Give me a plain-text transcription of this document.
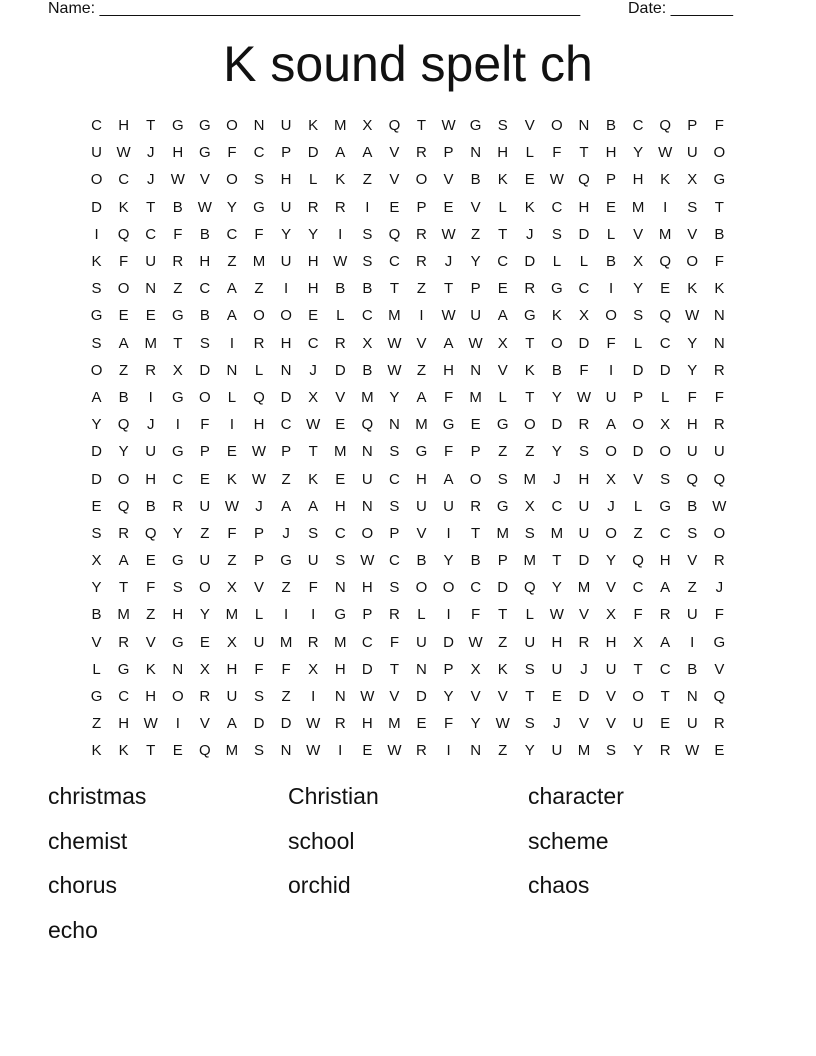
Name: ______________________________________________________	Date: _______
K sound spelt ch
C	H	T	G	G	O	N	U	K	M	X	Q	T	W G	S	V	O	N	B	C	Q	P	F
U W	J	H	G	F	C	P	D	A	A	V	R	P	N	H	L	F	T	H	Y W U	O
O	C	J	W V	O	S	H	L	K	Z	V	O	V	B	K	E W Q	P	H	K	X	G
D	K	T	B W Y	G	U	R	R	I	E	P	E	V	L	K	C	H	E	M	I	S	T
I	Q	C	F	B	C	F	Y	Y	I	S	Q	R W	Z	T	J	S	D	L	V	M	V	B
K	F	U	R	H	Z	M	U	H W S	C	R	J	Y	C	D	L	L	B	X	Q	O	F
S	O	N	Z	C	A	Z	I	H	B	B	T	Z	T	P	E	R	G	C	I	Y	E	K	K
G	E	E	G	B	A	O	O	E	L	C	M	I	W U	A	G	K	X	O	S	Q W N
S	A	M	T	S	I	R	H	C	R	X W V	A W X	T	O	D	F	L	C	Y	N
O	Z	R	X	D	N	L	N	J	D	B W	Z	H	N	V	K	B	F	I	D	D	Y	R
A	B	I	G	O	L	Q	D	X	V	M	Y	A	F	M	L	T	Y W U	P	L	F	F
Y	Q	J	I	F	I	H	C W E	Q	N	M	G	E	G	O	D	R	A	O	X	H	R
D	Y	U	G	P	E W P	T	M	N	S	G	F	P	Z	Z	Y	S	O	D	O	U	U
D	O	H	C	E	K W	Z	K	E	U	C	H	A	O	S	M	J	H	X	V	S	Q	Q
E	Q	B	R	U W	J	A	A	H	N	S	U	U	R	G	X	C	U	J	L	G	B W
S	R	Q	Y	Z	F	P	J	S	C	O	P	V	I	T	M	S	M	U	O	Z	C	S	O
X	A	E	G	U	Z	P	G	U	S W C	B	Y	B	P	M	T	D	Y	Q	H	V	R
Y	T	F	S	O	X	V	Z	F	N	H	S	O	O	C	D	Q	Y	M	V	C	A	Z	J
B	M	Z	H	Y	M	L	I	I	G	P	R	L	I	F	T	L	W V	X	F	R	U	F
V	R	V	G	E	X	U	M	R	M	C	F	U	D W	Z	U	H	R	H	X	A	I	G
L	G	K	N	X	H	F	F	X	H	D	T	N	P	X	K	S	U	J	U	T	C	B	V
G	C	H	O	R	U	S	Z	I	N W V	D	Y	V	V	T	E	D	V	O	T	N	Q
Z	H W	I	V	A	D	D W R	H	M	E	F	Y W S	J	V	V	U	E	U	R
K	K	T	E	Q M	S	N W	I	E W R	I	N	Z	Y	U	M	S	Y	R W E
christmas	Christian	character
chemist	school	scheme
chorus	orchid	chaos
echo
